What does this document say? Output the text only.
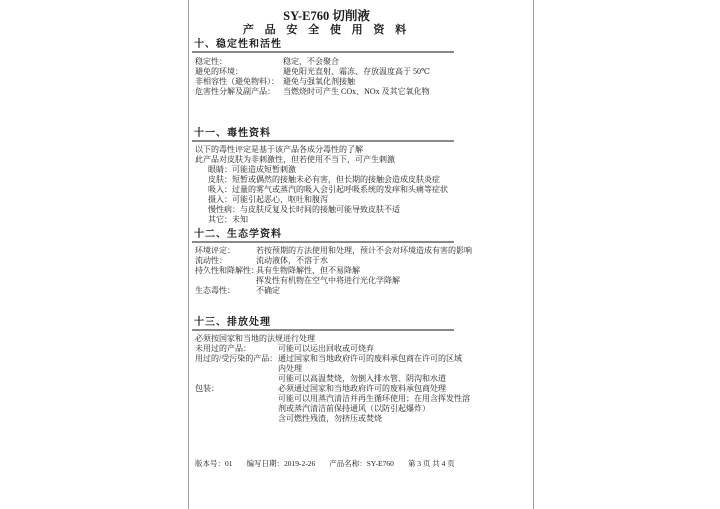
SY-E760 切削液
产 品 安 全 使 用 资 料
十、稳定性和活性
稳定性：	稳定，不会聚合
避免的环境：	避免阳光直射、霜冻、存放温度高于 50℃
非相容性（避免物料）： 避免与强氧化剂接触
危害性分解及副产品：	当燃烧时可产生 COx、NOx 及其它氧化物
十一、毒性资料
以下的毒性评定是基于该产品各成分毒性的了解
此产品对皮肤为非刺激性，但若使用不当下，可产生刺激
眼睛：可能造成短暂刺激
皮肤：短暂或偶然的接触未必有害，但长期的接触会造成皮肤炎症
吸入：过量的雾气或蒸汽的吸入会引起呼吸系统的发痒和头痛等症状
摄入：可能引起恶心，呕吐和腹泻
慢性病：与皮肤反复及长时间的接触可能导致皮肤不适
其它：未知
十二、生态学资料
环境评定：	若按预期的方法使用和处理，预计不会对环境造成有害的影响
流动性：	流动液体，不溶于水
持久性和降解性：
具有生物降解性，但不易降解
挥发性有机物在空气中将进行光化学降解
生态毒性：	不确定
十三、排放处理
必须按国家和当地的法规进行处理
未用过的产品：	可能可以运出回收或可烧弃
用过的/受污染的产品： 通过国家和当地政府许可的废料承包商在许可的区域
内处理
可能可以高温焚烧，勿倒入排水管、阴沟和水道
包装：	必须通过国家和当地政府许可的废料承包商处理
可能可以用蒸汽清洁并再生循环使用；在用含挥发性溶
剂或蒸汽清洁前保持通风（以防引起爆炸）
含可燃性残渣，勿挤压或焚烧
版本号：01 编写日期：2019-2-26 产品名称：SY-E760 第 3 页 共 4 页
